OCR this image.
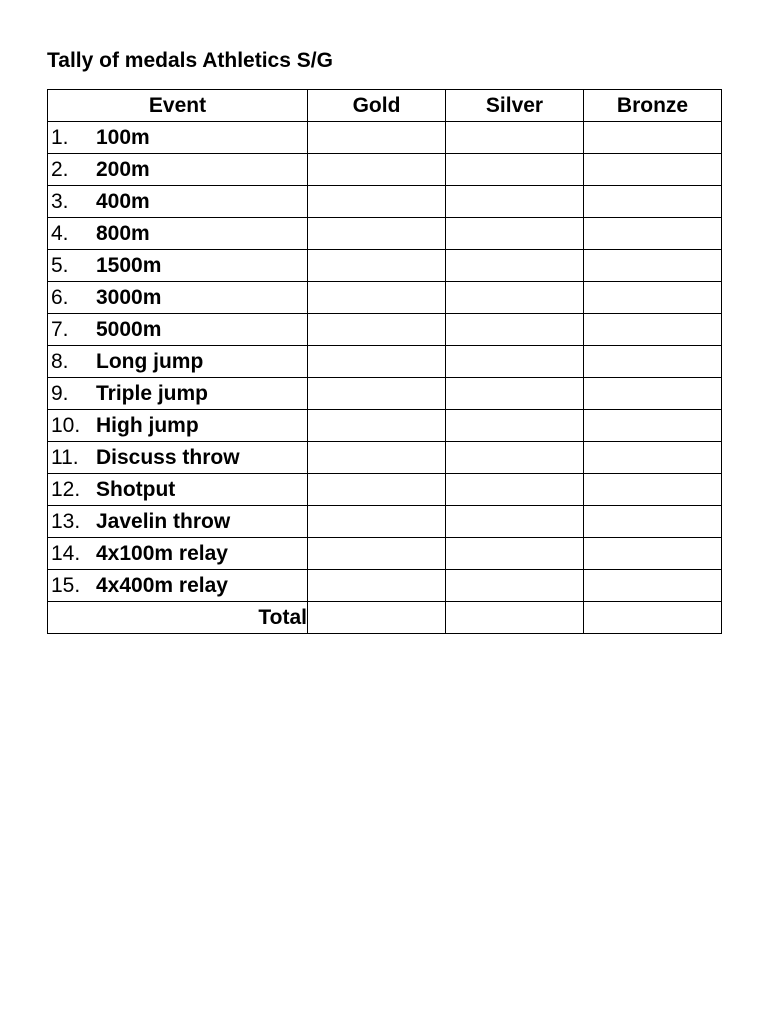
Tally of medals Athletics S/G
Event	Gold	Silver	Bronze
1. 100m			
2. 200m			
3. 400m			
4. 800m			
5. 1500m			
6. 3000m			
7. 5000m			
8. Long jump			
9. Triple jump			
10. High jump			
11. Discuss throw			
12. Shotput			
13. Javelin throw			
14. 4x100m relay			
15. 4x400m relay			
Total			
